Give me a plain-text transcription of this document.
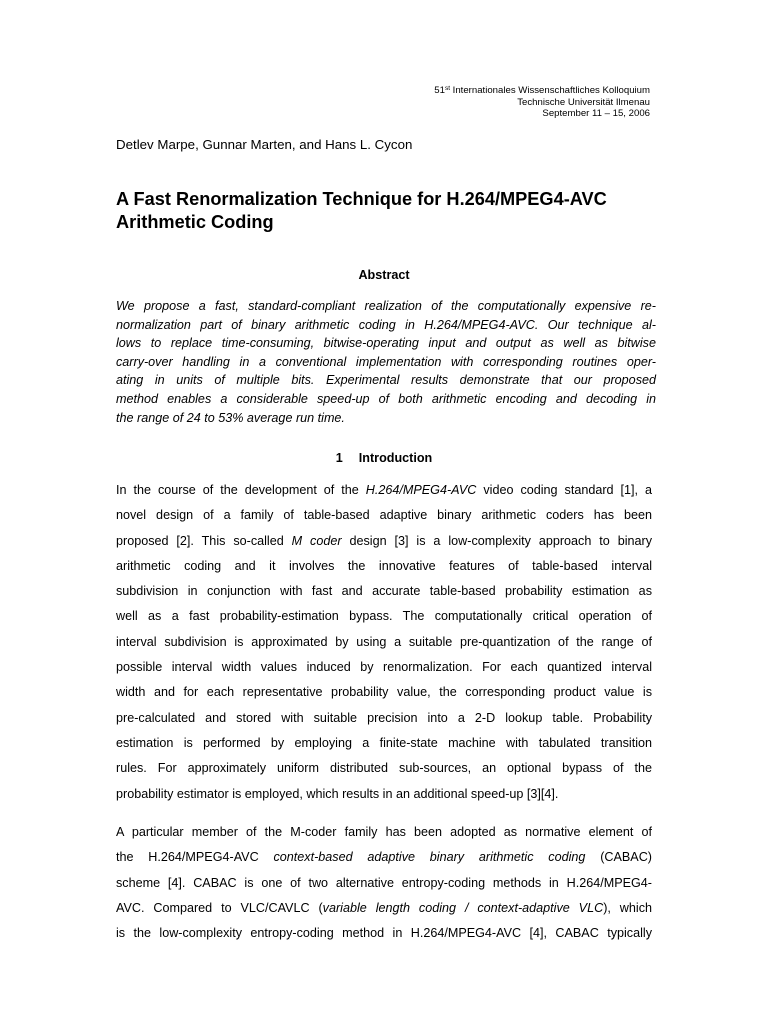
51st Internationales Wissenschaftliches Kolloquium
Technische Universität Ilmenau
September 11 – 15, 2006
Detlev Marpe, Gunnar Marten, and Hans L. Cycon
A Fast Renormalization Technique for H.264/MPEG4-AVC
Arithmetic Coding
Abstract
We propose a fast, standard-compliant realization of the computationally expensive re-
normalization part of binary arithmetic coding in H.264/MPEG4-AVC. Our technique al-
lows to replace time-consuming, bitwise-operating input and output as well as bitwise
carry-over handling in a conventional implementation with corresponding routines oper-
ating in units of multiple bits. Experimental results demonstrate that our proposed
method enables a considerable speed-up of both arithmetic encoding and decoding in
the range of 24 to 53% average run time.
1 Introduction
In the course of the development of the H.264/MPEG4-AVC video coding standard [1], a
novel design of a family of table-based adaptive binary arithmetic coders has been
proposed [2]. This so-called M coder design [3] is a low-complexity approach to binary
arithmetic coding and it involves the innovative features of table-based interval
subdivision in conjunction with fast and accurate table-based probability estimation as
well as a fast probability-estimation bypass. The computationally critical operation of
interval subdivision is approximated by using a suitable pre-quantization of the range of
possible interval width values induced by renormalization. For each quantized interval
width and for each representative probability value, the corresponding product value is
pre-calculated and stored with suitable precision into a 2-D lookup table. Probability
estimation is performed by employing a finite-state machine with tabulated transition
rules. For approximately uniform distributed sub-sources, an optional bypass of the
probability estimator is employed, which results in an additional speed-up [3][4].
A particular member of the M-coder family has been adopted as normative element of
the H.264/MPEG4-AVC context-based adaptive binary arithmetic coding (CABAC)
scheme [4]. CABAC is one of two alternative entropy-coding methods in H.264/MPEG4-
AVC. Compared to VLC/CAVLC (variable length coding / context-adaptive VLC), which
is the low-complexity entropy-coding method in H.264/MPEG4-AVC [4], CABAC typically
